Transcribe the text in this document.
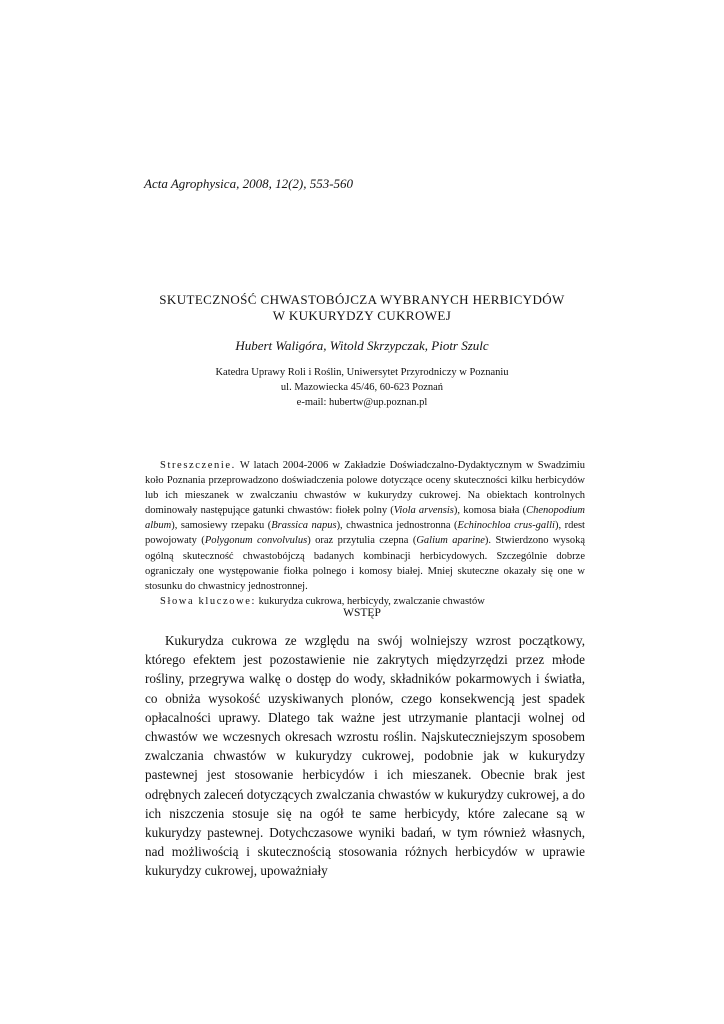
Acta Agrophysica, 2008, 12(2), 553-560
SKUTECZNOŚĆ CHWASTOBÓJCZA WYBRANYCH HERBICYDÓW
W KUKURYDZY CUKROWEJ
Hubert Waligóra, Witold Skrzypczak, Piotr Szulc
Katedra Uprawy Roli i Roślin, Uniwersytet Przyrodniczy w Poznaniu
ul. Mazowiecka 45/46, 60-623 Poznań
e-mail: hubertw@up.poznan.pl

Streszczenie. W latach 2004-2006 w Zakładzie Doświadczalno-Dydaktycznym w Swadzimiu koło Poznania przeprowadzono doświadczenia polowe dotyczące oceny skuteczności kilku herbicydów lub ich mieszanek w zwalczaniu chwastów w kukurydzy cukrowej. Na obiektach kontrolnych dominowały następujące gatunki chwastów: fiołek polny (Viola arvensis), komosa biała (Chenopodium album), samosiewy rzepaku (Brassica napus), chwastnica jednostronna (Echinochloa crus-galli), rdest powojowaty (Polygonum convolvulus) oraz przytulia czepna (Galium aparine). Stwierdzono wysoką ogólną skuteczność chwastobójczą badanych kombinacji herbicydowych. Szczególnie dobrze ograniczały one występowanie fiołka polnego i komosy białej. Mniej skuteczne okazały się one w stosunku do chwastnicy jednostronnej.

Słowa kluczowe: kukurydza cukrowa, herbicydy, zwalczanie chwastów

WSTĘP

Kukurydza cukrowa ze względu na swój wolniejszy wzrost początkowy, którego efektem jest pozostawienie nie zakrytych międzyrzędzi przez młode rośliny, przegrywa walkę o dostęp do wody, składników pokarmowych i światła, co obniża wysokość uzyskiwanych plonów, czego konsekwencją jest spadek opłacalności uprawy. Dlatego tak ważne jest utrzymanie plantacji wolnej od chwastów we wczesnych okresach wzrostu roślin. Najskuteczniejszym sposobem zwalczania chwastów w kukurydzy cukrowej, podobnie jak w kukurydzy pastewnej jest stosowanie herbicydów i ich mieszanek. Obecnie brak jest odrębnych zaleceń dotyczących zwalczania chwastów w kukurydzy cukrowej, a do ich niszczenia stosuje się na ogół te same herbicydy, które zalecane są w kukurydzy pastewnej. Dotychczasowe wyniki badań, w tym również własnych, nad możliwością i skutecznością stosowania różnych herbicydów w uprawie kukurydzy cukrowej, upoważniały
